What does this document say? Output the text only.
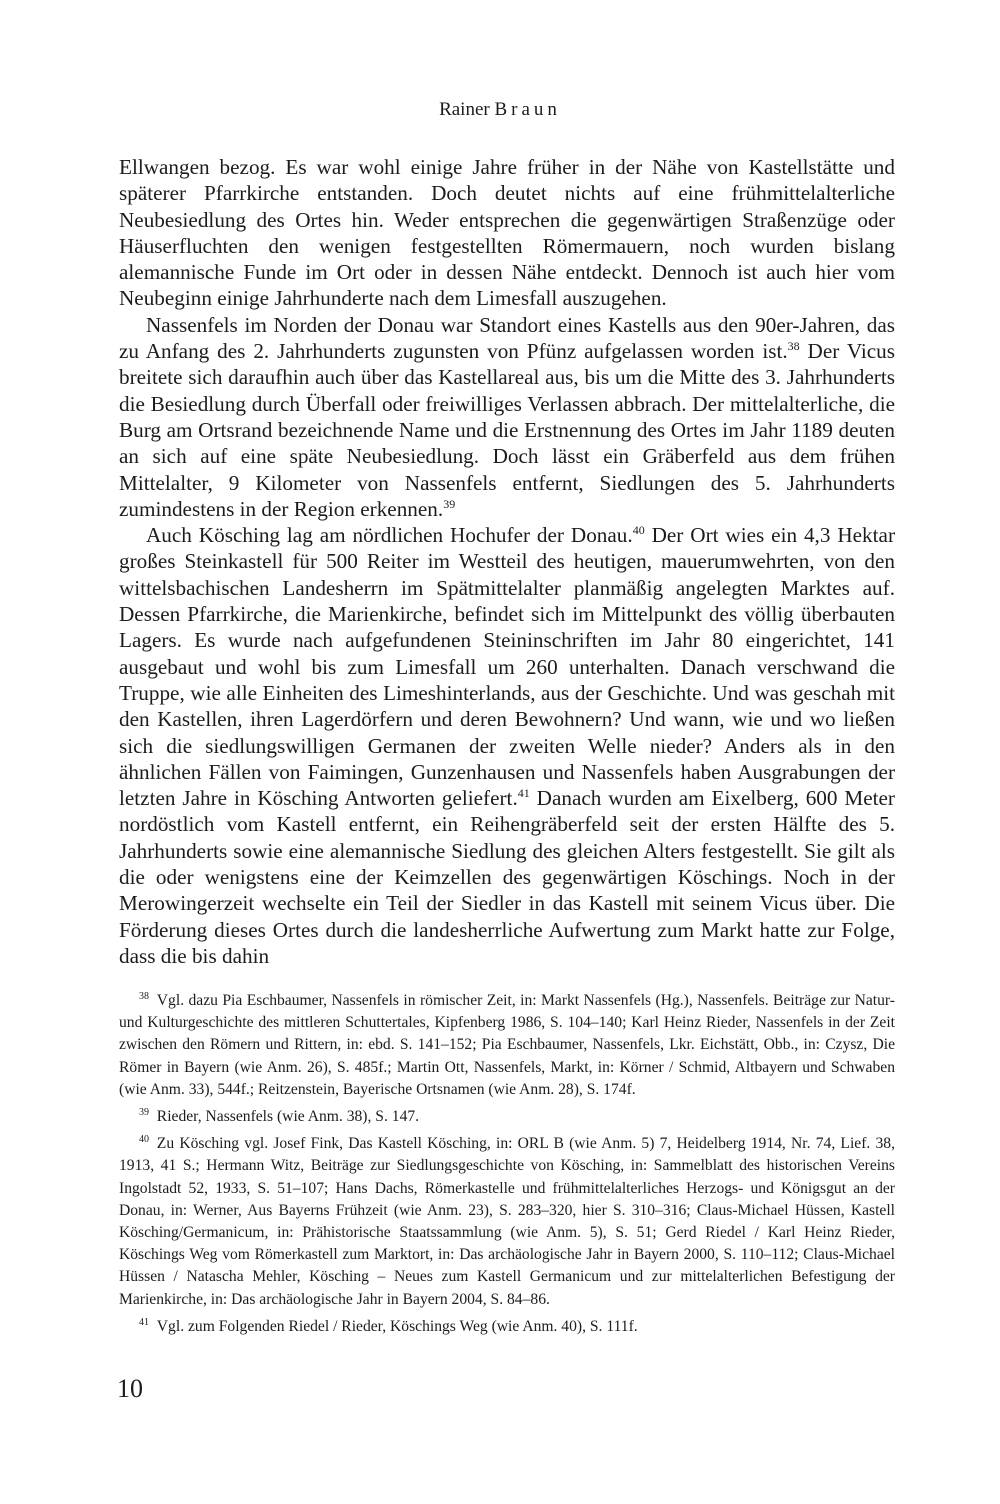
Rainer Braun

Ellwangen bezog. Es war wohl einige Jahre früher in der Nähe von Kastellstätte und späterer Pfarrkirche entstanden. Doch deutet nichts auf eine frühmittelalterliche Neubesiedlung des Ortes hin. Weder entsprechen die gegenwärtigen Straßenzüge oder Häuserfluchten den wenigen festgestellten Römermauern, noch wurden bislang alemannische Funde im Ort oder in dessen Nähe entdeckt. Dennoch ist auch hier vom Neubeginn einige Jahrhunderte nach dem Limesfall auszugehen.

Nassenfels im Norden der Donau war Standort eines Kastells aus den 90er-Jahren, das zu Anfang des 2. Jahrhunderts zugunsten von Pfünz aufgelassen worden ist.$^{38}$ Der Vicus breitete sich daraufhin auch über das Kastellareal aus, bis um die Mitte des 3. Jahrhunderts die Besiedlung durch Überfall oder freiwilliges Verlassen abbrach. Der mittelalterliche, die Burg am Ortsrand bezeichnende Name und die Erstnennung des Ortes im Jahr 1189 deuten an sich auf eine späte Neubesiedlung. Doch lässt ein Gräberfeld aus dem frühen Mittelalter, 9 Kilometer von Nassenfels entfernt, Siedlungen des 5. Jahrhunderts zumindestens in der Region erkennen.$^{39}$

Auch Kösching lag am nördlichen Hochufer der Donau.$^{40}$ Der Ort wies ein 4,3 Hektar großes Steinkastell für 500 Reiter im Westteil des heutigen, mauerumwehrten, von den wittelsbachischen Landesherrn im Spätmittelalter planmäßig angelegten Marktes auf. Dessen Pfarrkirche, die Marienkirche, befindet sich im Mittelpunkt des völlig überbauten Lagers. Es wurde nach aufgefundenen Steininschriften im Jahr 80 eingerichtet, 141 ausgebaut und wohl bis zum Limesfall um 260 unterhalten. Danach verschwand die Truppe, wie alle Einheiten des Limeshinterlands, aus der Geschichte. Und was geschah mit den Kastellen, ihren Lagerdörfern und deren Bewohnern? Und wann, wie und wo ließen sich die siedlungswilligen Germanen der zweiten Welle nieder? Anders als in den ähnlichen Fällen von Faimingen, Gunzenhausen und Nassenfels haben Ausgrabungen der letzten Jahre in Kösching Antworten geliefert.$^{41}$ Danach wurden am Eixelberg, 600 Meter nordöstlich vom Kastell entfernt, ein Reihengräberfeld seit der ersten Hälfte des 5. Jahrhunderts sowie eine alemannische Siedlung des gleichen Alters festgestellt. Sie gilt als die oder wenigstens eine der Keimzellen des gegenwärtigen Köschings. Noch in der Merowingerzeit wechselte ein Teil der Siedler in das Kastell mit seinem Vicus über. Die Förderung dieses Ortes durch die landesherrliche Aufwertung zum Markt hatte zur Folge, dass die bis dahin

$^{38}$  Vgl. dazu Pia Eschbaumer, Nassenfels in römischer Zeit, in: Markt Nassenfels (Hg.), Nassenfels. Beiträge zur Natur- und Kulturgeschichte des mittleren Schuttertales, Kipfenberg 1986, S. 104–140; Karl Heinz Rieder, Nassenfels in der Zeit zwischen den Römern und Rittern, in: ebd. S. 141–152; Pia Eschbaumer, Nassenfels, Lkr. Eichstätt, Obb., in: Czysz, Die Römer in Bayern (wie Anm. 26), S. 485f.; Martin Ott, Nassenfels, Markt, in: Körner / Schmid, Altbayern und Schwaben (wie Anm. 33), 544f.; Reitzenstein, Bayerische Ortsnamen (wie Anm. 28), S. 174f.

$^{39}$  Rieder, Nassenfels (wie Anm. 38), S. 147.

$^{40}$  Zu Kösching vgl. Josef Fink, Das Kastell Kösching, in: ORL B (wie Anm. 5) 7, Heidelberg 1914, Nr. 74, Lief. 38, 1913, 41 S.; Hermann Witz, Beiträge zur Siedlungsgeschichte von Kösching, in: Sammelblatt des historischen Vereins Ingolstadt 52, 1933, S. 51–107; Hans Dachs, Römerkastelle und frühmittelalterliches Herzogs- und Königsgut an der Donau, in: Werner, Aus Bayerns Frühzeit (wie Anm. 23), S. 283–320, hier S. 310–316; Claus-Michael Hüssen, Kastell Kösching/Germanicum, in: Prähistorische Staatssammlung (wie Anm. 5), S. 51; Gerd Riedel / Karl Heinz Rieder, Köschings Weg vom Römerkastell zum Marktort, in: Das archäologische Jahr in Bayern 2000, S. 110–112; Claus-Michael Hüssen / Natascha Mehler, Kösching – Neues zum Kastell Germanicum und zur mittelalterlichen Befestigung der Marienkirche, in: Das archäologische Jahr in Bayern 2004, S. 84–86.

$^{41}$  Vgl. zum Folgenden Riedel / Rieder, Köschings Weg (wie Anm. 40), S. 111f.

10
